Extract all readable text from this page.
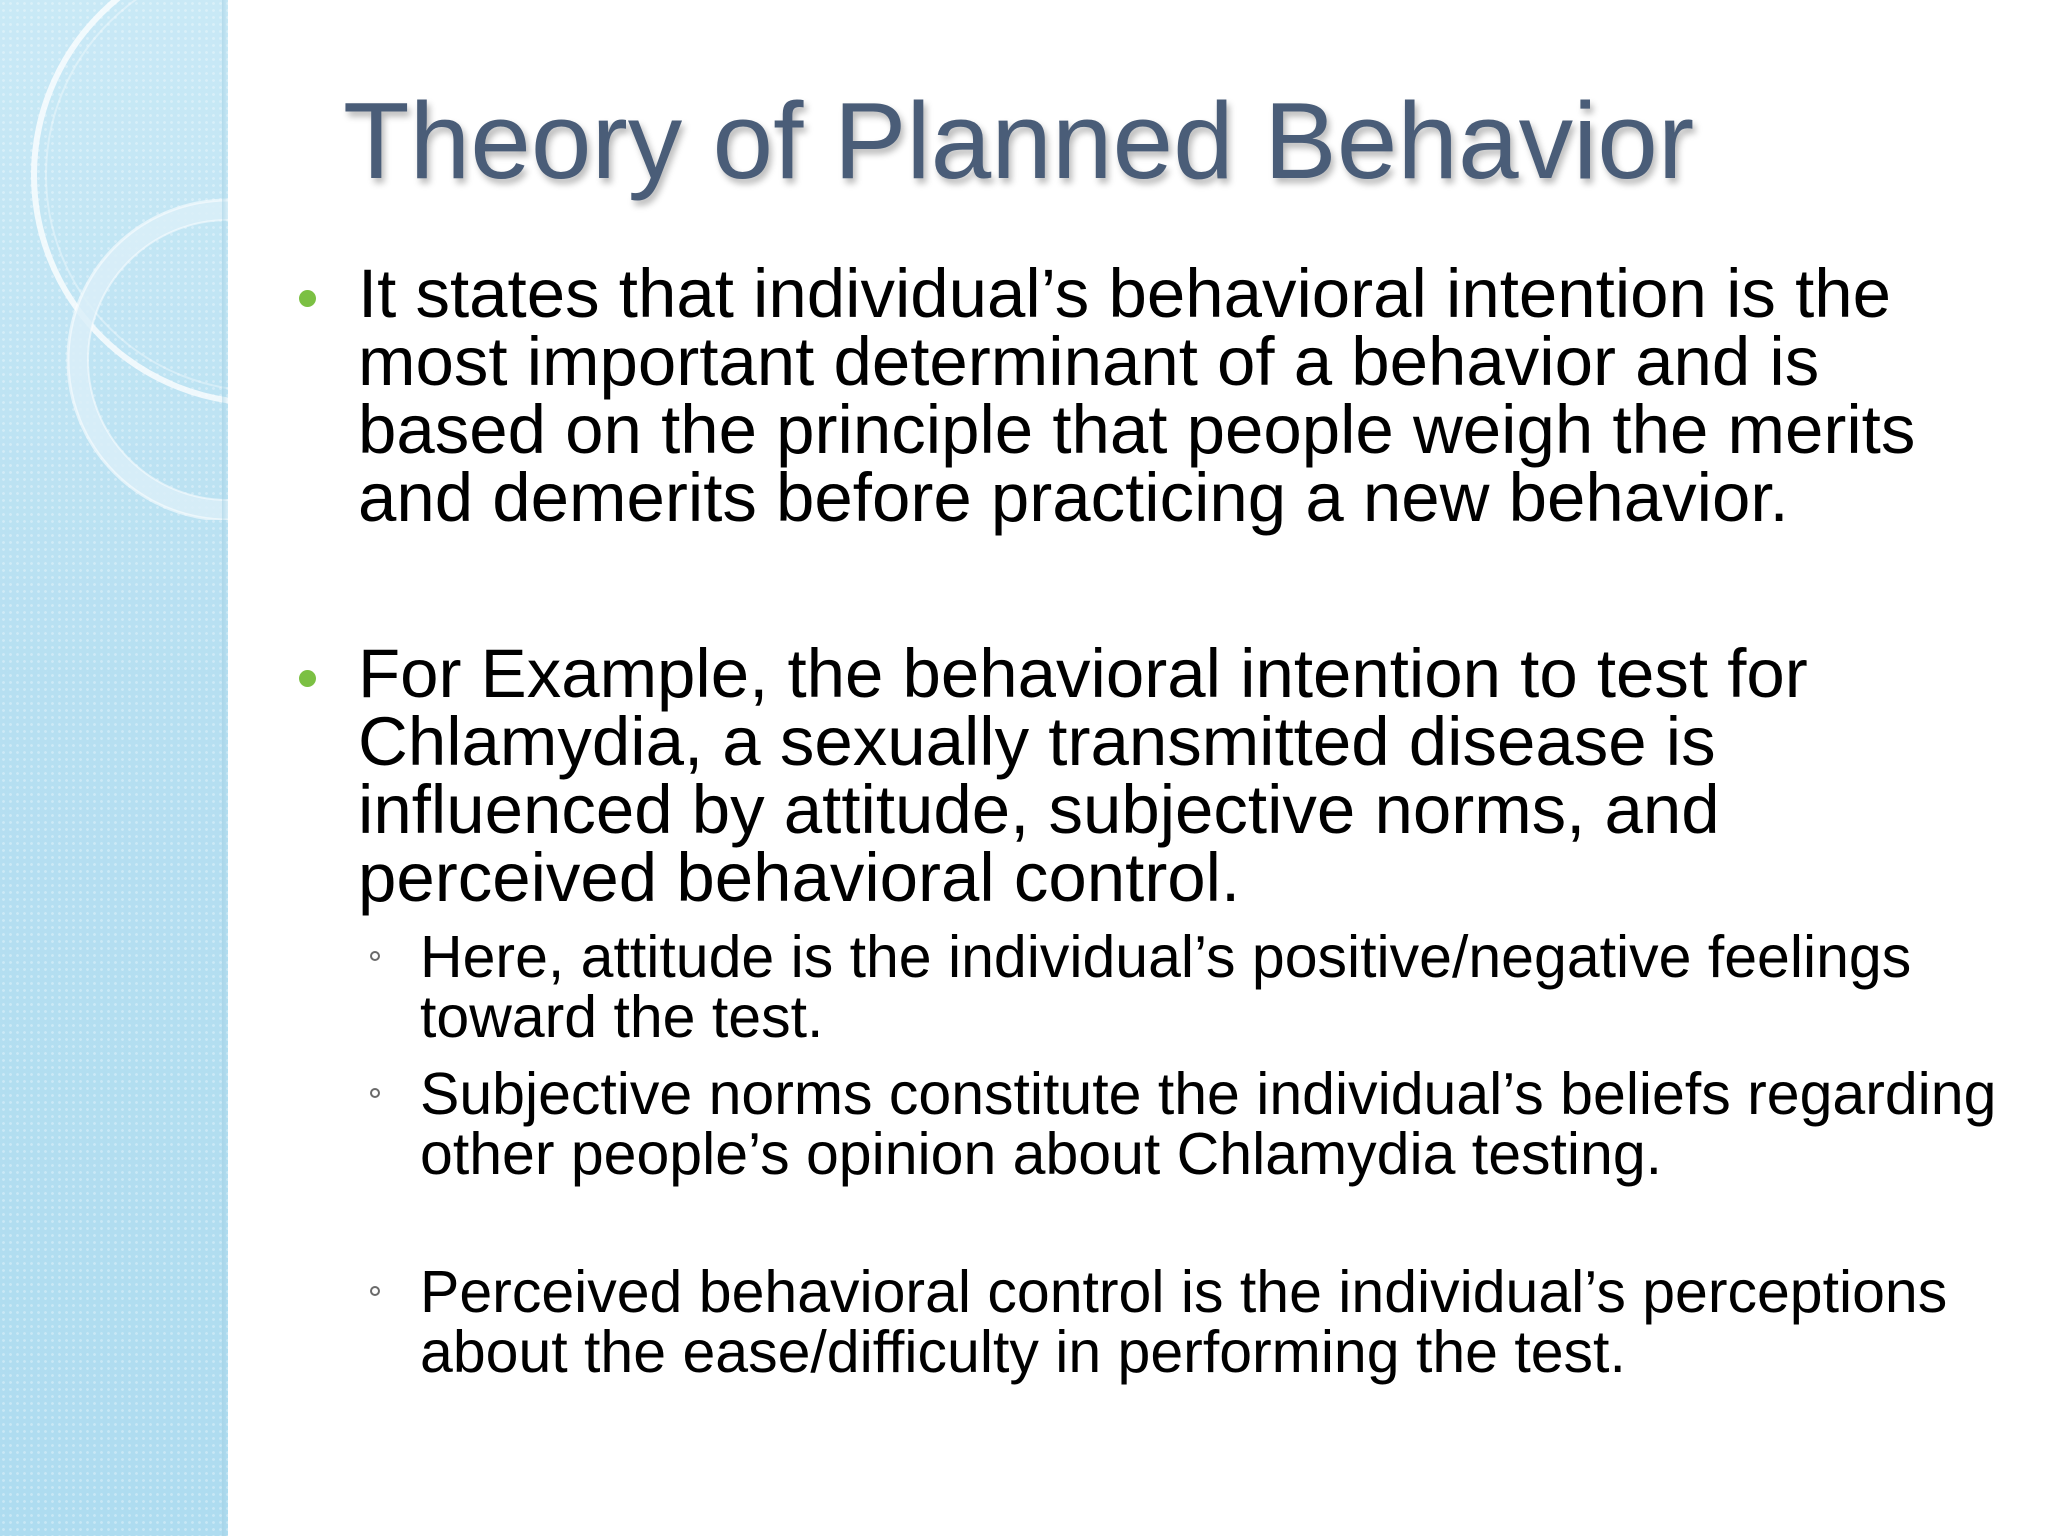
Theory of Planned Behavior

It states that individual’s behavioral intention is the most important determinant of a behavior and is based on the principle that people weigh the merits and demerits before practicing a new behavior.

For Example, the behavioral intention to test for Chlamydia, a sexually transmitted disease is influenced by attitude, subjective norms, and perceived behavioral control.

Here, attitude is the individual’s positive/negative feelings toward the test.

Subjective norms constitute the individual’s beliefs regarding other people’s opinion about Chlamydia testing.

Perceived behavioral control is the individual’s perceptions about the ease/difficulty in performing the test.
